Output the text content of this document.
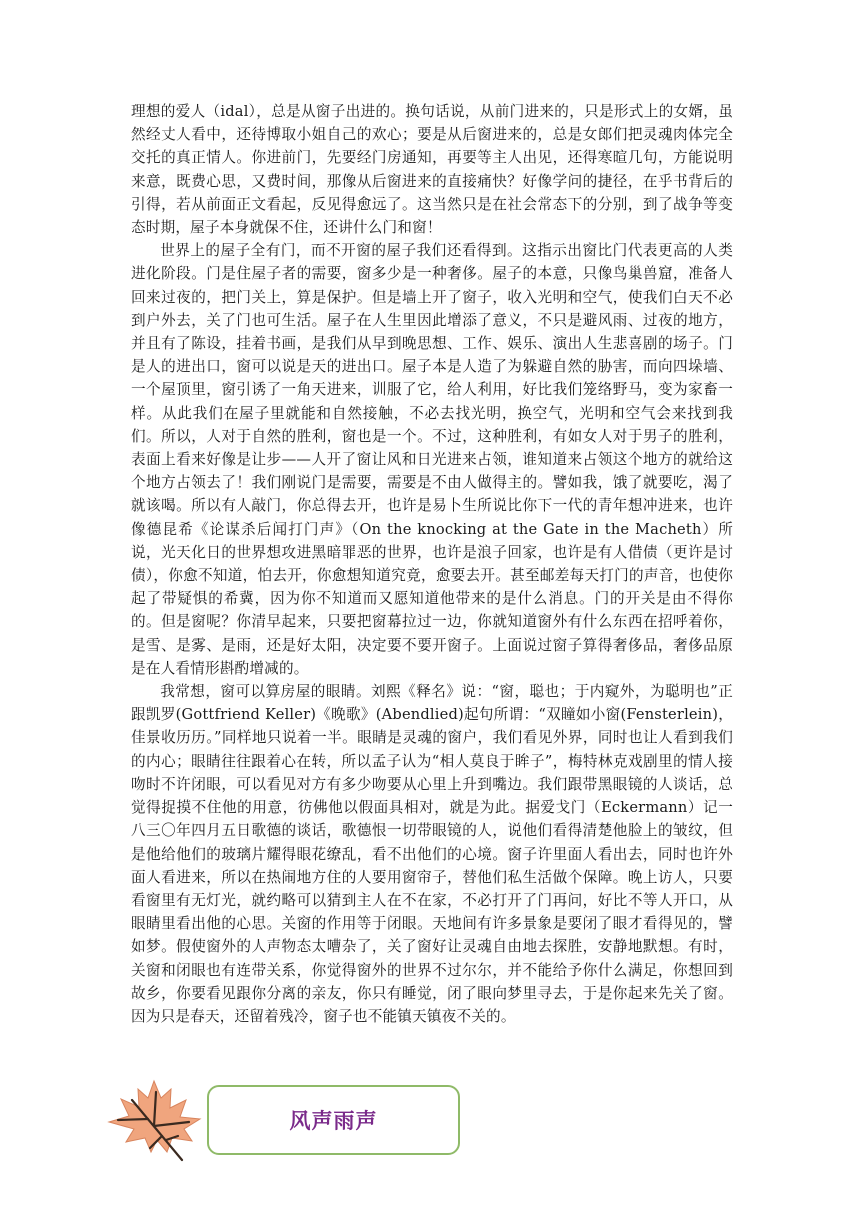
理想的爱人（idal），总是从窗子出进的。换句话说，从前门进来的，只是形式上的女婿，虽然经丈人看中，还待博取小姐自己的欢心；要是从后窗进来的，总是女郎们把灵魂肉体完全交托的真正情人。你进前门，先要经门房通知，再要等主人出见，还得寒暄几句，方能说明来意，既费心思，又费时间，那像从后窗进来的直接痛快？好像学问的捷径，在乎书背后的引得，若从前面正文看起，反见得愈远了。这当然只是在社会常态下的分别，到了战争等变态时期，屋子本身就保不住，还讲什么门和窗！

世界上的屋子全有门，而不开窗的屋子我们还看得到。这指示出窗比门代表更高的人类进化阶段。门是住屋子者的需要，窗多少是一种奢侈。屋子的本意，只像鸟巢兽窟，准备人回来过夜的，把门关上，算是保护。但是墙上开了窗子，收入光明和空气，使我们白天不必到户外去，关了门也可生活。屋子在人生里因此增添了意义，不只是避风雨、过夜的地方，并且有了陈设，挂着书画，是我们从早到晚思想、工作、娱乐、演出人生悲喜剧的场子。门是人的进出口，窗可以说是天的进出口。屋子本是人造了为躲避自然的胁害，而向四垛墙、一个屋顶里，窗引诱了一角天进来，训服了它，给人利用，好比我们笼络野马，变为家畜一样。从此我们在屋子里就能和自然接触，不必去找光明，换空气，光明和空气会来找到我们。所以，人对于自然的胜利，窗也是一个。不过，这种胜利，有如女人对于男子的胜利，表面上看来好像是让步——人开了窗让风和日光进来占领，谁知道来占领这个地方的就给这个地方占领去了！我们刚说门是需要，需要是不由人做得主的。譬如我，饿了就要吃，渴了就该喝。所以有人敲门，你总得去开，也许是易卜生所说比你下一代的青年想冲进来，也许像德昆希《论谋杀后闻打门声》（On the knocking at the Gate in the Macheth）所说，光天化日的世界想攻进黑暗罪恶的世界，也许是浪子回家，也许是有人借债（更许是讨债），你愈不知道，怕去开，你愈想知道究竟，愈要去开。甚至邮差每天打门的声音，也使你起了带疑惧的希冀，因为你不知道而又愿知道他带来的是什么消息。门的开关是由不得你的。但是窗呢？你清早起来，只要把窗幕拉过一边，你就知道窗外有什么东西在招呼着你，是雪、是雾、是雨，还是好太阳，决定要不要开窗子。上面说过窗子算得奢侈品，奢侈品原是在人看情形斟酌增减的。

我常想，窗可以算房屋的眼睛。刘熙《释名》说：“窗，聪也；于内窥外，为聪明也”正跟凯罗(Gottfriend Keller)《晚歌》(Abendlied)起句所谓：“双瞳如小窗(Fensterlein)，佳景收历历。”同样地只说着一半。眼睛是灵魂的窗户，我们看见外界，同时也让人看到我们的内心；眼睛往往跟着心在转，所以孟子认为“相人莫良于眸子”，梅特林克戏剧里的情人接吻时不许闭眼，可以看见对方有多少吻要从心里上升到嘴边。我们跟带黑眼镜的人谈话，总觉得捉摸不住他的用意，彷佛他以假面具相对，就是为此。据爱戈门（Eckermann）记一八三〇年四月五日歌德的谈话，歌德恨一切带眼镜的人，说他们看得清楚他脸上的皱纹，但是他给他们的玻璃片耀得眼花缭乱，看不出他们的心境。窗子许里面人看出去，同时也许外面人看进来，所以在热闹地方住的人要用窗帘子，替他们私生活做个保障。晚上访人，只要看窗里有无灯光，就约略可以猜到主人在不在家，不必打开了门再问，好比不等人开口，从眼睛里看出他的心思。关窗的作用等于闭眼。天地间有许多景象是要闭了眼才看得见的，譬如梦。假使窗外的人声物态太嘈杂了，关了窗好让灵魂自由地去探胜，安静地默想。有时，关窗和闭眼也有连带关系，你觉得窗外的世界不过尔尔，并不能给予你什么满足，你想回到故乡，你要看见跟你分离的亲友，你只有睡觉，闭了眼向梦里寻去，于是你起来先关了窗。因为只是春天，还留着残冷，窗子也不能镇天镇夜不关的。

风声雨声
